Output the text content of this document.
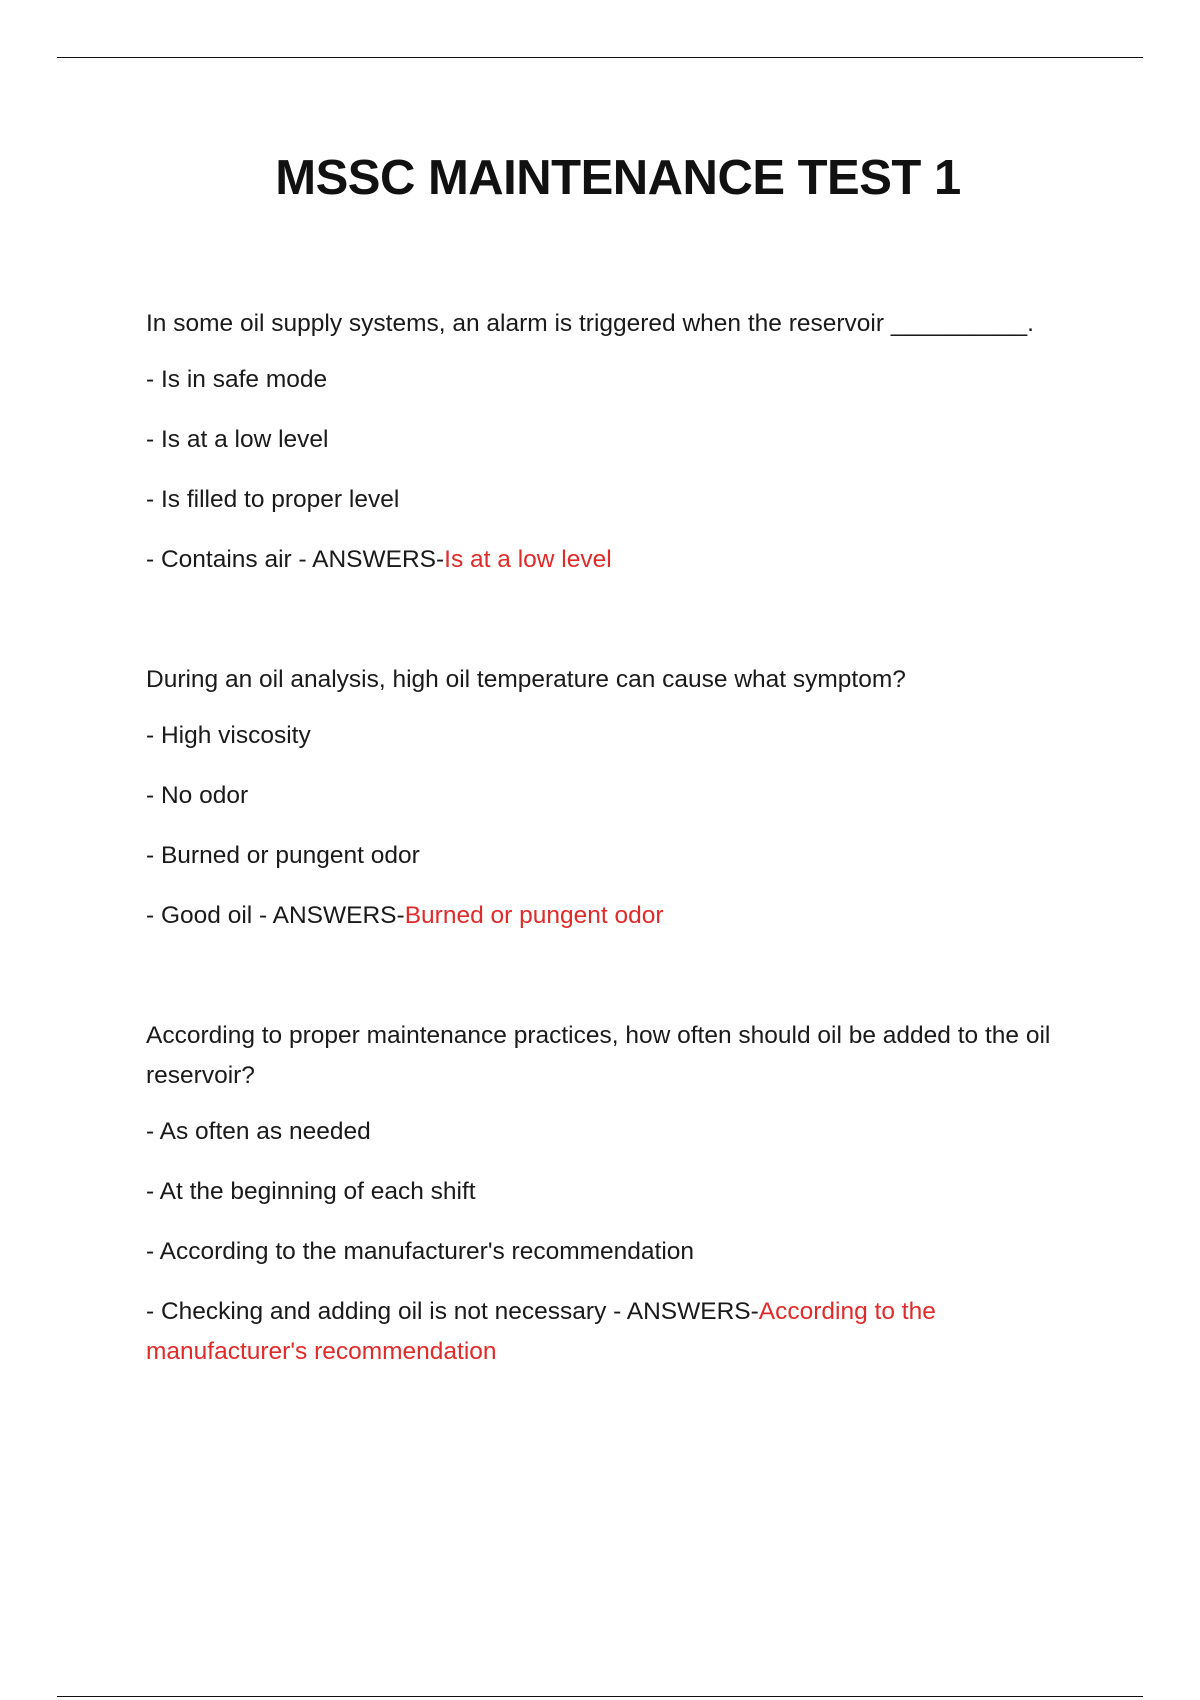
MSSC MAINTENANCE TEST 1
In some oil supply systems, an alarm is triggered when the reservoir __________.
- Is in safe mode
- Is at a low level
- Is filled to proper level
- Contains air - ANSWERS-Is at a low level
During an oil analysis, high oil temperature can cause what symptom?
- High viscosity
- No odor
- Burned or pungent odor
- Good oil - ANSWERS-Burned or pungent odor
According to proper maintenance practices, how often should oil be added to the oil reservoir?
- As often as needed
- At the beginning of each shift
- According to the manufacturer's recommendation
- Checking and adding oil is not necessary - ANSWERS-According to the manufacturer's recommendation
